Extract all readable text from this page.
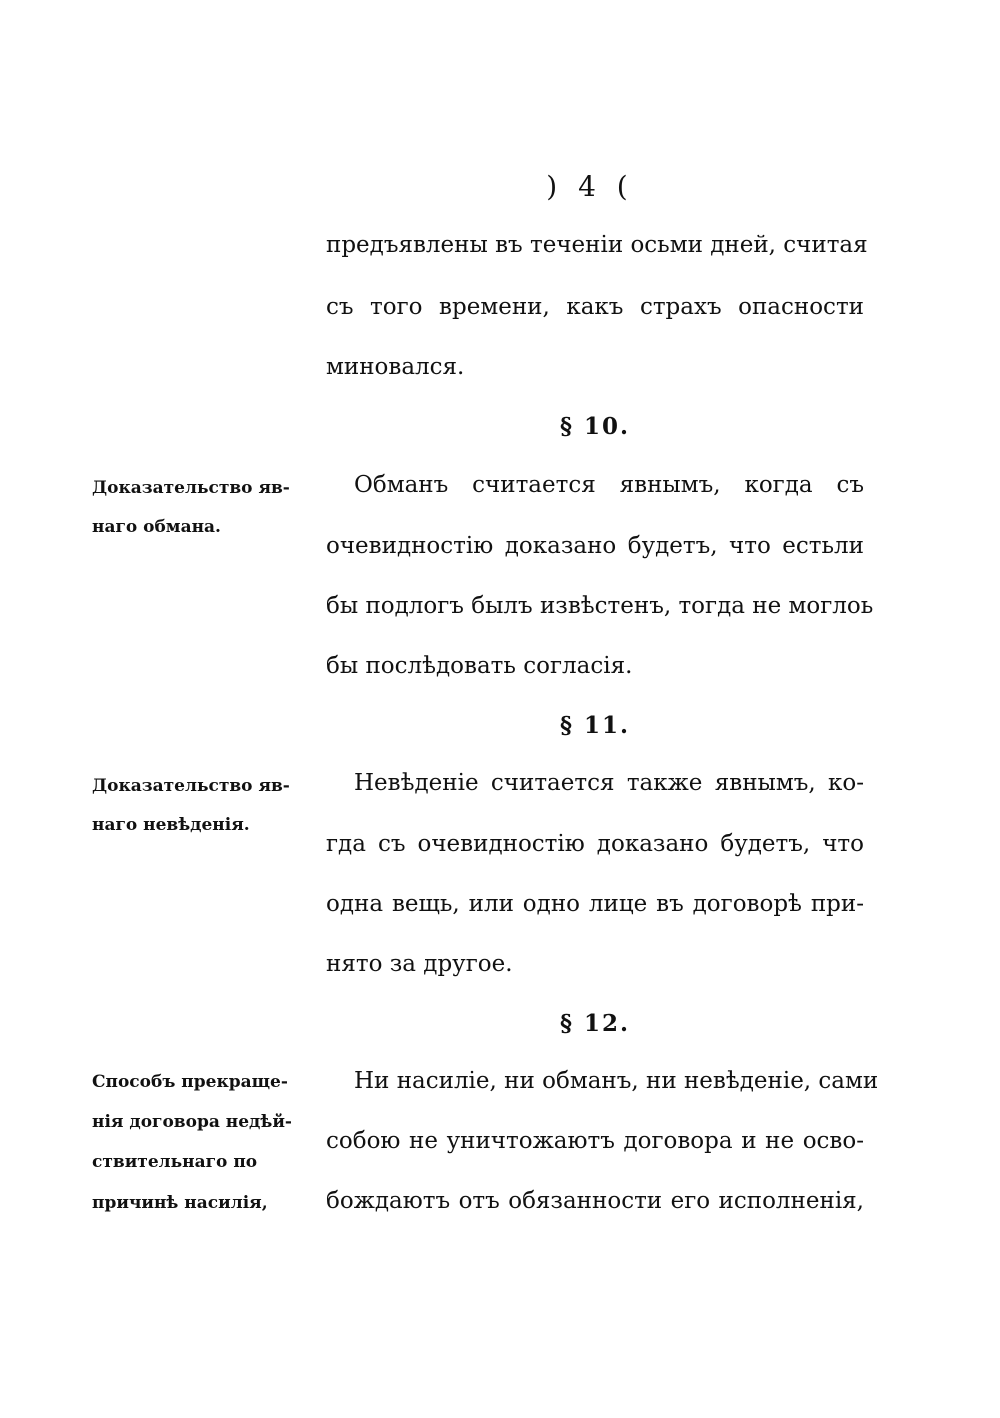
) 4 (
предъявлены въ теченіи осьми дней, считая
съ того времени, какъ страхъ опасности
миновался.
§ 10.
Доказательство яв-
наго обмана.
Обманъ считается явнымъ, когда съ
очевидностію доказано будетъ, что естьли
бы подлогъ былъ извѣстенъ, тогда не моглоь
бы послѣдовать согласія.
§ 11.
Доказательство яв-
наго невѣденія.
Невѣденіе считается также явнымъ, ко-
гда съ очевидностію доказано будетъ, что
одна вещь, или одно лице въ договорѣ при-
нято за другое.
§ 12.
Способъ прекраще-
нія договора недѣй-
ствительнаго по
причинѣ насилія,
Ни насиліе, ни обманъ, ни невѣденіе, сами
собою не уничтожаютъ договора и не осво-
бождаютъ отъ обязанности его исполненія,
